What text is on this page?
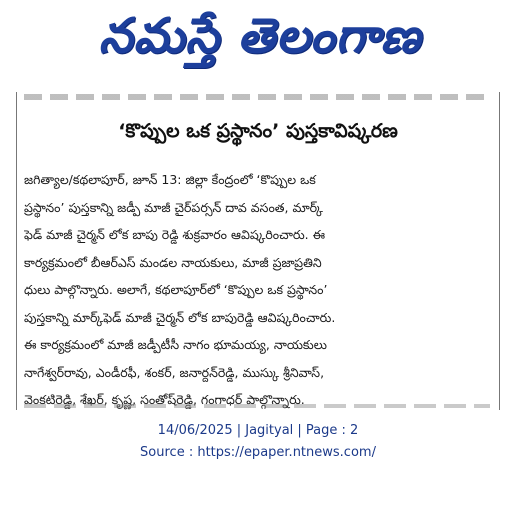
నమస్తే తెలంగాణ
‘కొప్పుల ఒక ప్రస్థానం’ పుస్తకావిష్కరణ
జగిత్యాల/కథలాపూర్, జూన్ 13: జిల్లా కేంద్రంలో ‘కొప్పుల ఒక
ప్రస్థానం’ పుస్తకాన్ని జడ్పీ మాజీ చైర్‌పర్సన్ దావ వసంత, మార్క్
ఫెడ్ మాజీ చైర్మన్ లోక బాపు రెడ్డి శుక్రవారం ఆవిష్కరించారు. ఈ
కార్యక్రమంలో బీఆర్ఎస్ మండల నాయకులు, మాజీ ప్రజాప్రతిని
ధులు పాల్గొన్నారు. అలాగే, కథలాపూర్‌లో ‘కొప్పుల ఒక ప్రస్థానం’
పుస్తకాన్ని మార్క్‌ఫెడ్ మాజీ చైర్మన్ లోక బాపురెడ్డి ఆవిష్కరించారు.
ఈ కార్యక్రమంలో మాజీ జడ్పీటీసీ నాగం భూమయ్య, నాయకులు
నాగేశ్వర్‌రావు, ఎండీరఫీ, శంకర్, జనార్దన్‌రెడ్డి, ముస్కు శ్రీనివాస్,
వెంకటిరెడ్డి, శేఖర్, కృష్ణ, సంతోష్‌రెడ్డి, గంగాధర్ పాల్గొన్నారు.
14/06/2025 | Jagityal | Page : 2
Source : https://epaper.ntnews.com/
